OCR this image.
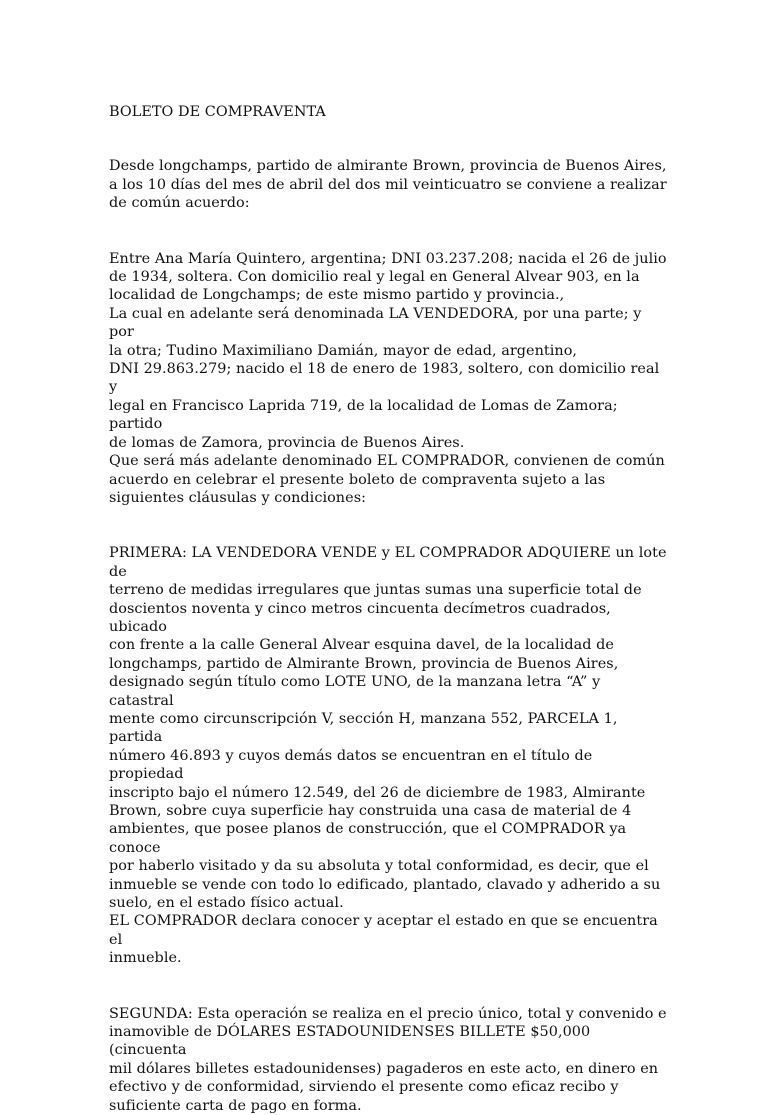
BOLETO DE COMPRAVENTA

Desde longchamps, partido de almirante Brown, provincia de Buenos Aires,
a los 10 días del mes de abril del dos mil veinticuatro se conviene a realizar
de común acuerdo:

Entre Ana María Quintero, argentina; DNI 03.237.208; nacida el 26 de julio
de 1934, soltera. Con domicilio real y legal en General Alvear 903, en la
localidad de Longchamps; de este mismo partido y provincia.,
La cual en adelante será denominada LA VENDEDORA, por una parte; y por
la otra; Tudino Maximiliano Damián, mayor de edad, argentino,
DNI 29.863.279; nacido el 18 de enero de 1983, soltero, con domicilio real y
legal en Francisco Laprida 719, de la localidad de Lomas de Zamora; partido
de lomas de Zamora, provincia de Buenos Aires.
Que será más adelante denominado EL COMPRADOR, convienen de común
acuerdo en celebrar el presente boleto de compraventa sujeto a las
siguientes cláusulas y condiciones:

PRIMERA: LA VENDEDORA VENDE y EL COMPRADOR ADQUIERE un lote de
terreno de medidas irregulares que juntas sumas una superficie total de
doscientos noventa y cinco metros cincuenta decímetros cuadrados, ubicado
con frente a la calle General Alvear esquina davel, de la localidad de
longchamps, partido de Almirante Brown, provincia de Buenos Aires,
designado según título como LOTE UNO, de la manzana letra “A” y catastral
mente como circunscripción V, sección H, manzana 552, PARCELA 1, partida
número 46.893 y cuyos demás datos se encuentran en el título de propiedad
inscripto bajo el número 12.549, del 26 de diciembre de 1983, Almirante
Brown, sobre cuya superficie hay construida una casa de material de 4
ambientes, que posee planos de construcción, que el COMPRADOR ya conoce
por haberlo visitado y da su absoluta y total conformidad, es decir, que el
inmueble se vende con todo lo edificado, plantado, clavado y adherido a su
suelo, en el estado físico actual.
EL COMPRADOR declara conocer y aceptar el estado en que se encuentra el
inmueble.

SEGUNDA: Esta operación se realiza en el precio único, total y convenido e
inamovible de DÓLARES ESTADOUNIDENSES BILLETE $50,000 (cincuenta
mil dólares billetes estadounidenses) pagaderos en este acto, en dinero en
efectivo y de conformidad, sirviendo el presente como eficaz recibo y
suficiente carta de pago en forma.
